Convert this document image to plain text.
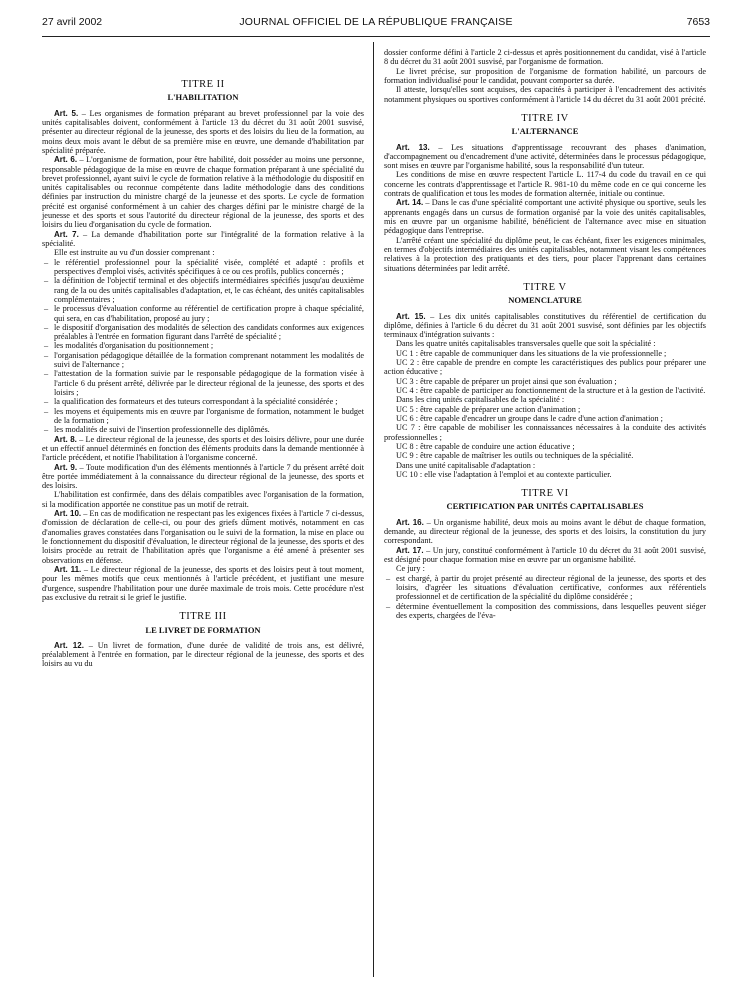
27 avril 2002	JOURNAL OFFICIEL DE LA RÉPUBLIQUE FRANÇAISE	7653
TITRE II
L'HABILITATION

Art. 5. – Les organismes de formation préparant au brevet professionnel par la voie des unités capitalisables doivent, conformément à l'article 13 du décret du 31 août 2001 susvisé, présenter au directeur régional de la jeunesse, des sports et des loisirs du lieu de la formation, au moins deux mois avant le début de sa première mise en œuvre, une demande d'habilitation par spécialité préparée.

Art. 6. – L'organisme de formation, pour être habilité, doit posséder au moins une personne, responsable pédagogique de la mise en œuvre de chaque formation préparant à une spécialité du brevet professionnel, ayant suivi le cycle de formation relative à la méthodologie du dispositif en unités capitalisables ou reconnue compétente dans ladite méthodologie dans des conditions définies par instruction du ministre chargé de la jeunesse et des sports. Le cycle de formation précité est organisé conformément à un cahier des charges défini par le ministre chargé de la jeunesse et des sports et sous l'autorité du directeur régional de la jeunesse, des sports et des loisirs du lieu d'organisation du cycle de formation.

Art. 7. – La demande d'habilitation porte sur l'intégralité de la formation relative à la spécialité.

Elle est instruite au vu d'un dossier comprenant :

– le référentiel professionnel pour la spécialité visée, complété et adapté : profils et perspectives d'emploi visés, activités spécifiques à ce ou ces profils, publics concernés ;
– la définition de l'objectif terminal et des objectifs intermédiaires spécifiés jusqu'au deuxième rang de la ou des unités capitalisables d'adaptation, et, le cas échéant, des unités capitalisables complémentaires ;
– le processus d'évaluation conforme au référentiel de certification propre à chaque spécialité, qui sera, en cas d'habilitation, proposé au jury ;
– le dispositif d'organisation des modalités de sélection des candidats conformes aux exigences préalables à l'entrée en formation figurant dans l'arrêté de spécialité ;
– les modalités d'organisation du positionnement ;
– l'organisation pédagogique détaillée de la formation comprenant notamment les modalités de suivi de l'alternance ;
– l'attestation de la formation suivie par le responsable pédagogique de la formation visée à l'article 6 du présent arrêté, délivrée par le directeur régional de la jeunesse, des sports et des loisirs ;
– la qualification des formateurs et des tuteurs correspondant à la spécialité considérée ;
– les moyens et équipements mis en œuvre par l'organisme de formation, notamment le budget de la formation ;
– les modalités de suivi de l'insertion professionnelle des diplômés.

Art. 8. – Le directeur régional de la jeunesse, des sports et des loisirs délivre, pour une durée et un effectif annuel déterminés en fonction des éléments produits dans la demande mentionnée à l'article précédent, et notifie l'habilitation à l'organisme concerné.

Art. 9. – Toute modification d'un des éléments mentionnés à l'article 7 du présent arrêté doit être portée immédiatement à la connaissance du directeur régional de la jeunesse, des sports et des loisirs.

L'habilitation est confirmée, dans des délais compatibles avec l'organisation de la formation, si la modification apportée ne constitue pas un motif de retrait.

Art. 10. – En cas de modification ne respectant pas les exigences fixées à l'article 7 ci-dessus, d'omission de déclaration de celle-ci, ou pour des griefs dûment motivés, notamment en cas d'anomalies graves constatées dans l'organisation ou le suivi de la formation, la mise en place ou le fonctionnement du dispositif d'évaluation, le directeur régional de la jeunesse, des sports et des loisirs procède au retrait de l'habilitation après que l'organisme a été amené à présenter ses observations en défense.

Art. 11. – Le directeur régional de la jeunesse, des sports et des loisirs peut à tout moment, pour les mêmes motifs que ceux mentionnés à l'article précédent, et justifiant une mesure d'urgence, suspendre l'habilitation pour une durée maximale de trois mois. Cette procédure n'est pas exclusive du retrait si le grief le justifie.

TITRE III
LE LIVRET DE FORMATION

Art. 12. – Un livret de formation, d'une durée de validité de trois ans, est délivré, préalablement à l'entrée en formation, par le directeur régional de la jeunesse, des sports et des loisirs au vu du

dossier conforme défini à l'article 2 ci-dessus et après positionnement du candidat, visé à l'article 8 du décret du 31 août 2001 susvisé, par l'organisme de formation.

Le livret précise, sur proposition de l'organisme de formation habilité, un parcours de formation individualisé pour le candidat, pouvant comporter sa durée.

Il atteste, lorsqu'elles sont acquises, des capacités à participer à l'encadrement des activités notamment physiques ou sportives conformément à l'article 14 du décret du 31 août 2001 précité.

TITRE IV
L'ALTERNANCE

Art. 13. – Les situations d'apprentissage recouvrant des phases d'animation, d'accompagnement ou d'encadrement d'une activité, déterminées dans le processus pédagogique, sont mises en œuvre par l'organisme habilité, sous la responsabilité d'un tuteur.

Les conditions de mise en œuvre respectent l'article L. 117-4 du code du travail en ce qui concerne les contrats d'apprentissage et l'article R. 981-10 du même code en ce qui concerne les contrats de qualification et tous les modes de formation alternée, initiale ou continue.

Art. 14. – Dans le cas d'une spécialité comportant une activité physique ou sportive, seuls les apprenants engagés dans un cursus de formation organisé par la voie des unités capitalisables, mis en œuvre par un organisme habilité, bénéficient de l'alternance avec mise en situation pédagogique dans l'entreprise.

L'arrêté créant une spécialité du diplôme peut, le cas échéant, fixer les exigences minimales, en termes d'objectifs intermédiaires des unités capitalisables, notamment visant les compétences relatives à la protection des pratiquants et des tiers, pour placer l'apprenant dans certaines situations déterminées par ledit arrêté.

TITRE V
NOMENCLATURE

Art. 15. – Les dix unités capitalisables constitutives du référentiel de certification du diplôme, définies à l'article 6 du décret du 31 août 2001 susvisé, sont définies par les objectifs terminaux d'intégration suivants :

Dans les quatre unités capitalisables transversales quelle que soit la spécialité :

UC 1 : être capable de communiquer dans les situations de la vie professionnelle ;

UC 2 : être capable de prendre en compte les caractéristiques des publics pour préparer une action éducative ;

UC 3 : être capable de préparer un projet ainsi que son évaluation ;

UC 4 : être capable de participer au fonctionnement de la structure et à la gestion de l'activité.

Dans les cinq unités capitalisables de la spécialité :

UC 5 : être capable de préparer une action d'animation ;

UC 6 : être capable d'encadrer un groupe dans le cadre d'une action d'animation ;

UC 7 : être capable de mobiliser les connaissances nécessaires à la conduite des activités professionnelles ;

UC 8 : être capable de conduire une action éducative ;

UC 9 : être capable de maîtriser les outils ou techniques de la spécialité.

Dans une unité capitalisable d'adaptation :

UC 10 : elle vise l'adaptation à l'emploi et au contexte particulier.

TITRE VI
CERTIFICATION PAR UNITÉS CAPITALISABLES

Art. 16. – Un organisme habilité, deux mois au moins avant le début de chaque formation, demande, au directeur régional de la jeunesse, des sports et des loisirs, la constitution du jury correspondant.

Art. 17. – Un jury, constitué conformément à l'article 10 du décret du 31 août 2001 susvisé, est désigné pour chaque formation mise en œuvre par un organisme habilité.

Ce jury :

– est chargé, à partir du projet présenté au directeur régional de la jeunesse, des sports et des loisirs, d'agréer les situations d'évaluation certificative, conformes aux référentiels professionnel et de certification de la spécialité du diplôme considérée ;
– détermine éventuellement la composition des commissions, dans lesquelles peuvent siéger des experts, chargées de l'éva-
